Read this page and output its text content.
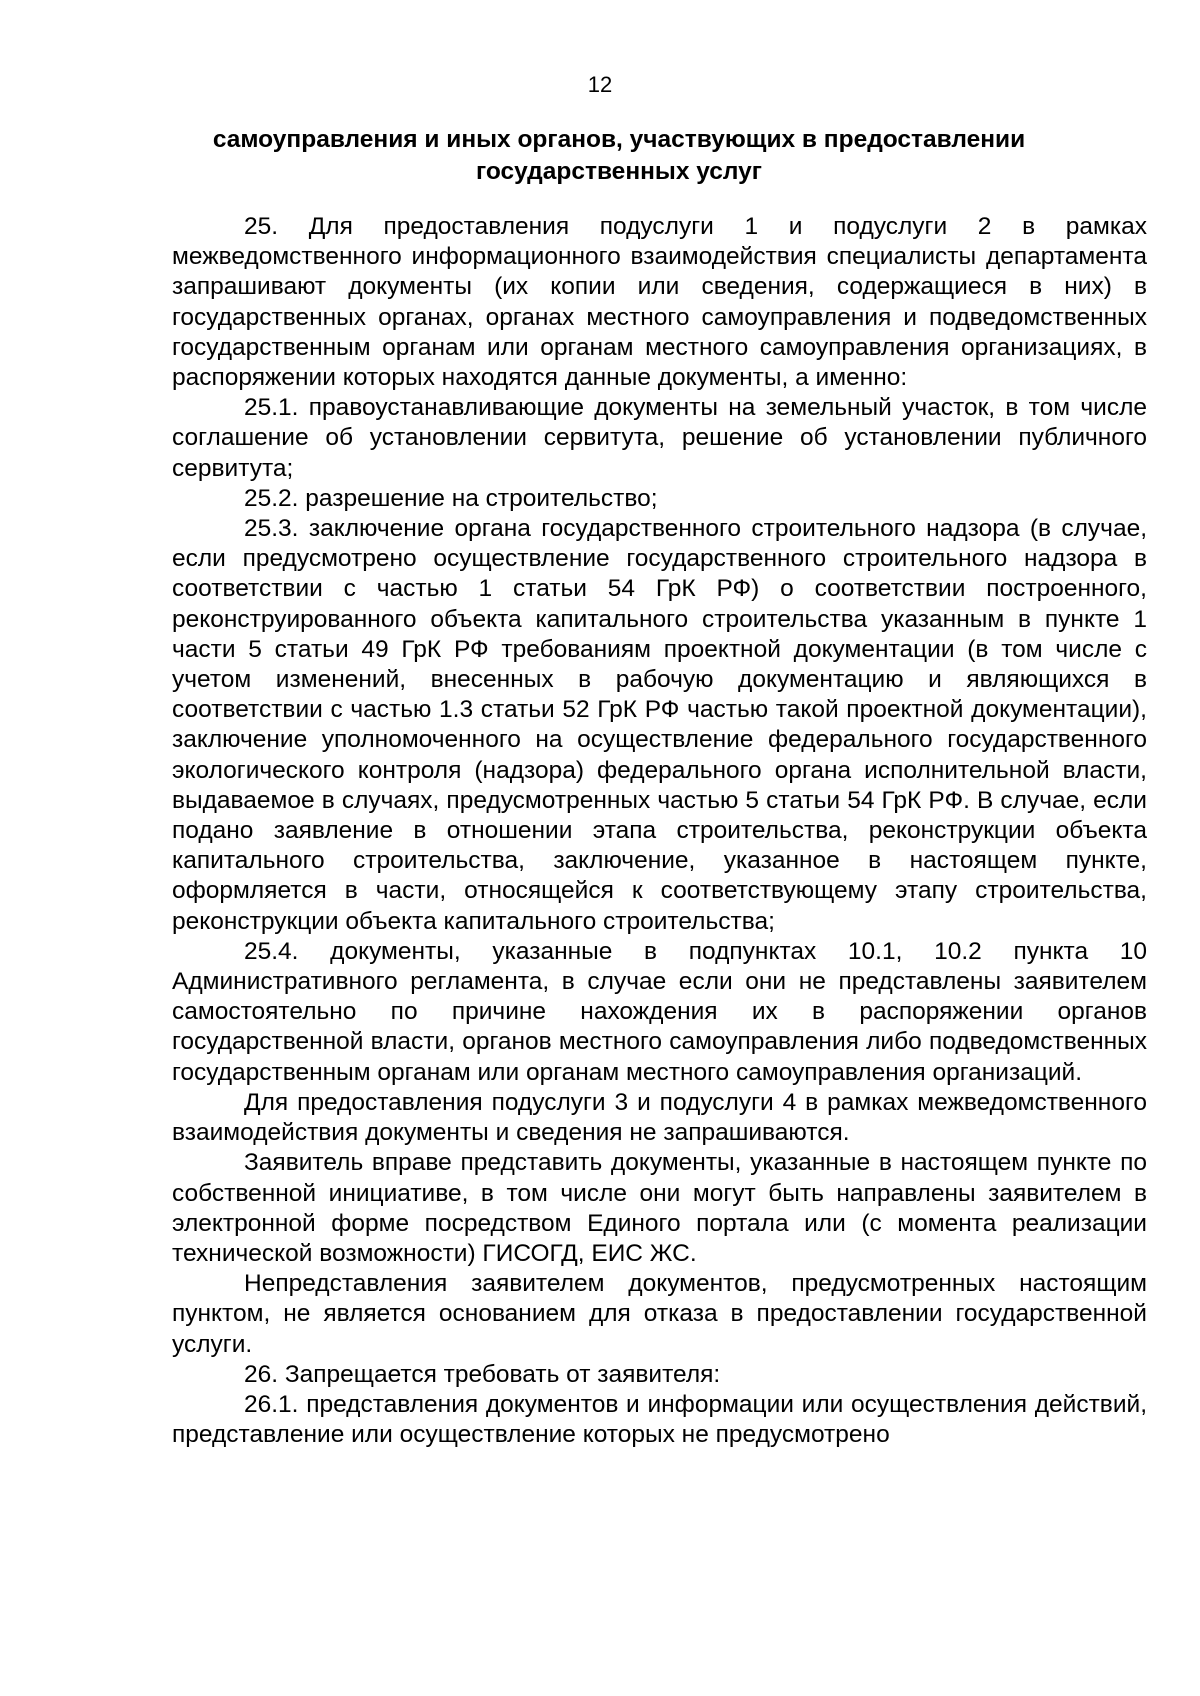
12
самоуправления и иных органов, участвующих в предоставлении
государственных услуг

25. Для предоставления подуслуги 1 и подуслуги 2 в рамках межведомственного информационного взаимодействия специалисты департамента запрашивают документы (их копии или сведения, содержащиеся в них) в государственных органах, органах местного самоуправления и подведомственных государственным органам или органам местного самоуправления организациях, в распоряжении которых находятся данные документы, а именно:

25.1. правоустанавливающие документы на земельный участок, в том числе соглашение об установлении сервитута, решение об установлении публичного сервитута;

25.2. разрешение на строительство;

25.3. заключение органа государственного строительного надзора (в случае, если предусмотрено осуществление государственного строительного надзора в соответствии с частью 1 статьи 54 ГрК РФ) о соответствии построенного, реконструированного объекта капитального строительства указанным в пункте 1 части 5 статьи 49 ГрК РФ требованиям проектной документации (в том числе с учетом изменений, внесенных в рабочую документацию и являющихся в соответствии с частью 1.3 статьи 52 ГрК РФ частью такой проектной документации), заключение уполномоченного на осуществление федерального государственного экологического контроля (надзора) федерального органа исполнительной власти, выдаваемое в случаях, предусмотренных частью 5 статьи 54 ГрК РФ. В случае, если подано заявление в отношении этапа строительства, реконструкции объекта капитального строительства, заключение, указанное в настоящем пункте, оформляется в части, относящейся к соответствующему этапу строительства, реконструкции объекта капитального строительства;

25.4. документы, указанные в подпунктах 10.1, 10.2 пункта 10 Административного регламента, в случае если они не представлены заявителем самостоятельно по причине нахождения их в распоряжении органов государственной власти, органов местного самоуправления либо подведомственных государственным органам или органам местного самоуправления организаций.

Для предоставления подуслуги 3 и подуслуги 4 в рамках межведомственного взаимодействия документы и сведения не запрашиваются.

Заявитель вправе представить документы, указанные в настоящем пункте по собственной инициативе, в том числе они могут быть направлены заявителем в электронной форме посредством Единого портала или (с момента реализации технической возможности) ГИСОГД, ЕИС ЖС.

Непредставления заявителем документов, предусмотренных настоящим пунктом, не является основанием для отказа в предоставлении государственной услуги.

26. Запрещается требовать от заявителя:

26.1. представления документов и информации или осуществления действий, представление или осуществление которых не предусмотрено
